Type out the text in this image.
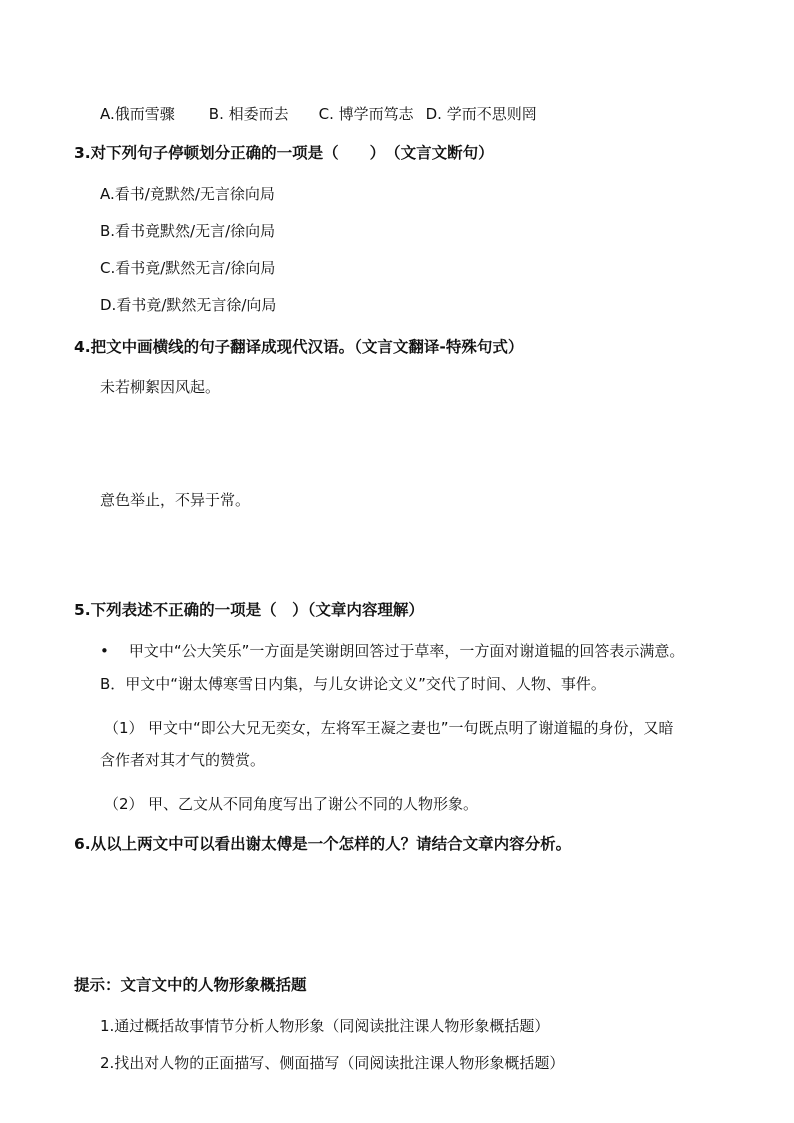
A.俄而雪骤 B. 相委而去 C. 博学而笃志 D. 学而不思则罔
3.对下列句子停顿划分正确的一项是（　　）　（文言文断句）
A.看书/竟默然/无言徐向局
B.看书竟默然/无言/徐向局
C.看书竟/默然无言/徐向局
D.看书竟/默然无言徐/向局
4.把文中画横线的句子翻译成现代汉语。（文言文翻译-特殊句式）
未若柳絮因风起。
意色举止，不异于常。
5.下列表述不正确的一项是（　）（文章内容理解）
• 甲文中“公大笑乐”一方面是笑谢朗回答过于草率，一方面对谢道韫的回答表示满意。
B．甲文中“谢太傅寒雪日内集，与儿女讲论文义”交代了时间、人物、事件。
（1） 甲文中“即公大兄无奕女，左将军王凝之妻也”一句既点明了谢道韫的身份，又暗
含作者对其才气的赞赏。
（2） 甲、乙文从不同角度写出了谢公不同的人物形象。
6.从以上两文中可以看出谢太傅是一个怎样的人？请结合文章内容分析。
提示：文言文中的人物形象概括题
1.通过概括故事情节分析人物形象（同阅读批注课人物形象概括题）
2.找出对人物的正面描写、侧面描写（同阅读批注课人物形象概括题）
